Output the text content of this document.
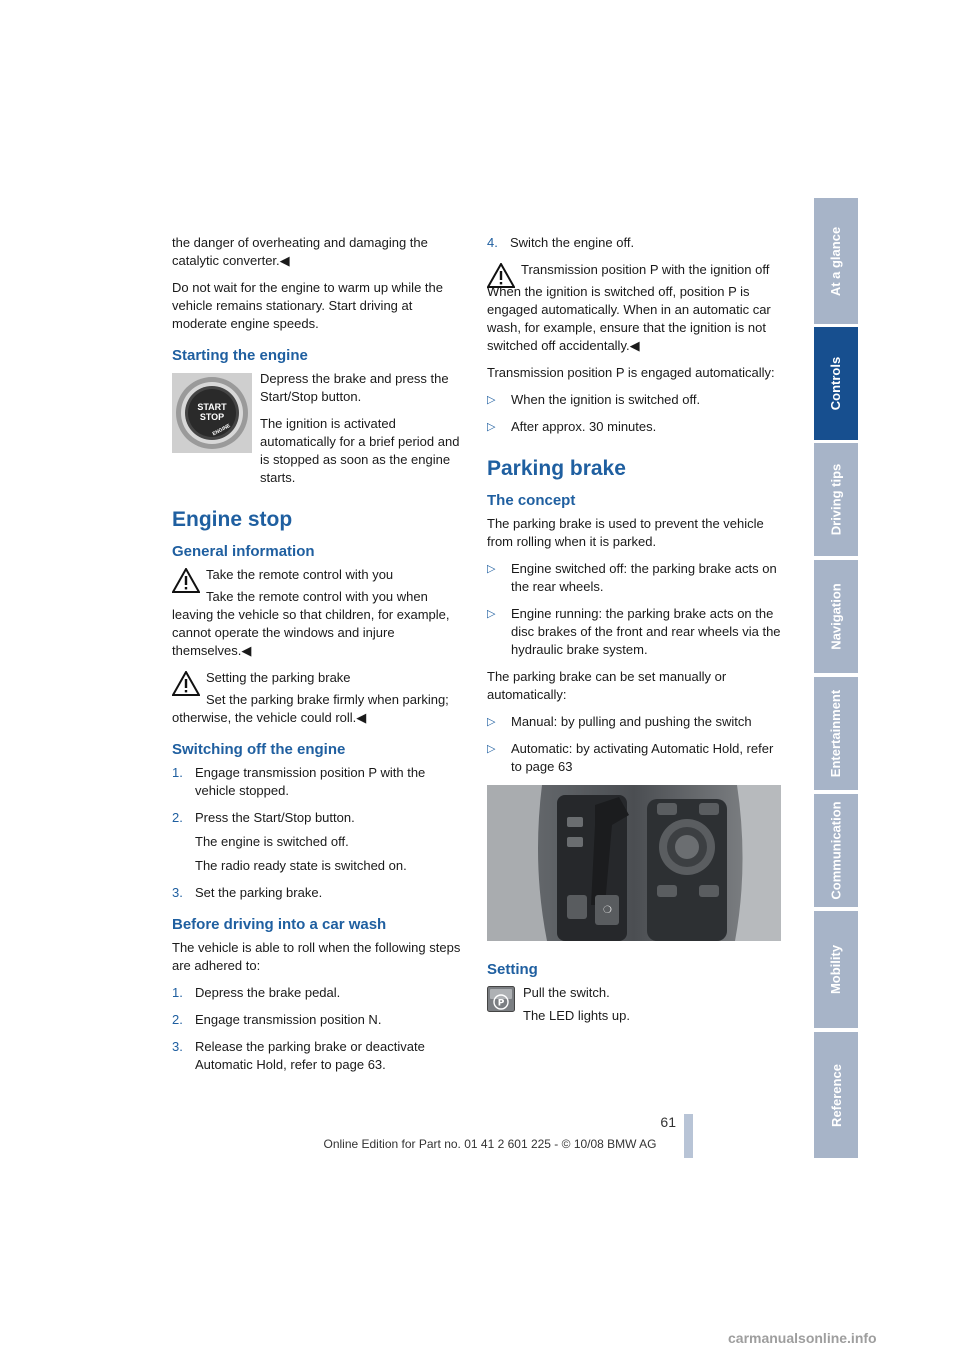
the danger of overheating and damaging the catalytic converter.◀

Do not wait for the engine to warm up while the vehicle remains stationary. Start driving at moderate engine speeds.

Starting the engine
START
STOP
ENGINE

Depress the brake and press the Start/Stop button.

The ignition is activated automatically for a brief period and is stopped as soon as the engine starts.

Engine stop
General information
Take the remote control with you

Take the remote control with you when leaving the vehicle so that children, for example, cannot operate the windows and injure themselves.◀

Setting the parking brake

Set the parking brake firmly when parking; otherwise, the vehicle could roll.◀

Switching off the engine
1. Engage transmission position P with the vehicle stopped.
2. Press the Start/Stop button.
The engine is switched off.
The radio ready state is switched on.
3. Set the parking brake.
Before driving into a car wash

The vehicle is able to roll when the following steps are adhered to:

1. Depress the brake pedal.
2. Engage transmission position N.
3. Release the parking brake or deactivate Automatic Hold, refer to page 63.
4. Switch the engine off.
Transmission position P with the ignition off

When the ignition is switched off, position P is engaged automatically. When in an automatic car wash, for example, ensure that the ignition is not switched off accidentally.◀

Transmission position P is engaged automatically:

▷	When the ignition is switched off.
▷	After approx. 30 minutes.
Parking brake
The concept

The parking brake is used to prevent the vehicle from rolling when it is parked.

▷	Engine switched off: the parking brake acts on the rear wheels.
▷	Engine running: the parking brake acts on the disc brakes of the front and rear wheels via the hydraulic brake system.

The parking brake can be set manually or automatically:

▷	Manual: by pulling and pushing the switch
▷	Automatic: by activating Automatic Hold, refer to page 63
❍
Setting
P

Pull the switch.

The LED lights up.

At a glance
Controls
Driving tips
Navigation
Entertainment
Communication
Mobility
Reference
61
Online Edition for Part no. 01 41 2 601 225 - © 10/08 BMW AG
carmanualsonline.info
